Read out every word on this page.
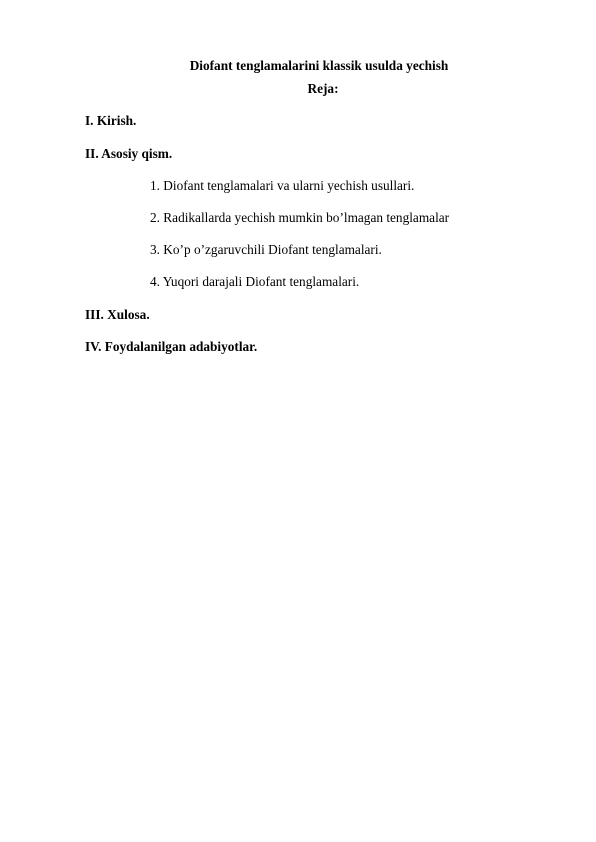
Diofant tenglamalarini klassik usulda yechish
Reja:
I. Kirish.
II. Asosiy qism.
1. Diofant tenglamalari va ularni yechish usullari.
2. Radikallarda yechish mumkin bo’lmagan tenglamalar
3. Ko’p o’zgaruvchili Diofant tenglamalari.
4. Yuqori darajali Diofant tenglamalari.
III. Xulosa.
IV. Foydalanilgan adabiyotlar.
